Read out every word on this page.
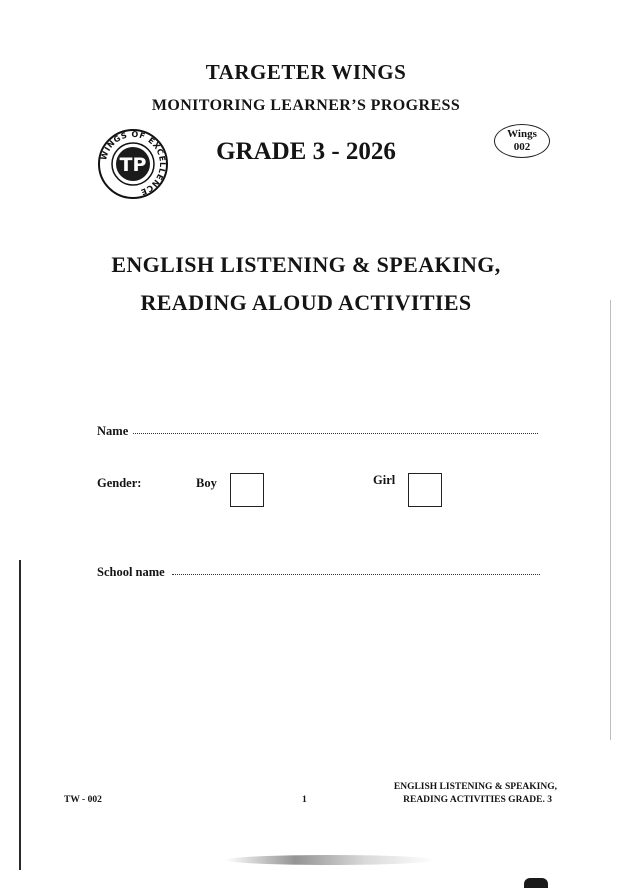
TARGETER WINGS
MONITORING LEARNER’S PROGRESS
GRADE 3 - 2026
WINGS OF EXCELLENCE
TP
Wings
002
ENGLISH LISTENING & SPEAKING,
READING ALOUD ACTIVITIES
Name
Gender:	Boy	Girl
School name
TW - 002	1
ENGLISH LISTENING & SPEAKING,
READING ACTIVITIES GRADE. 3
